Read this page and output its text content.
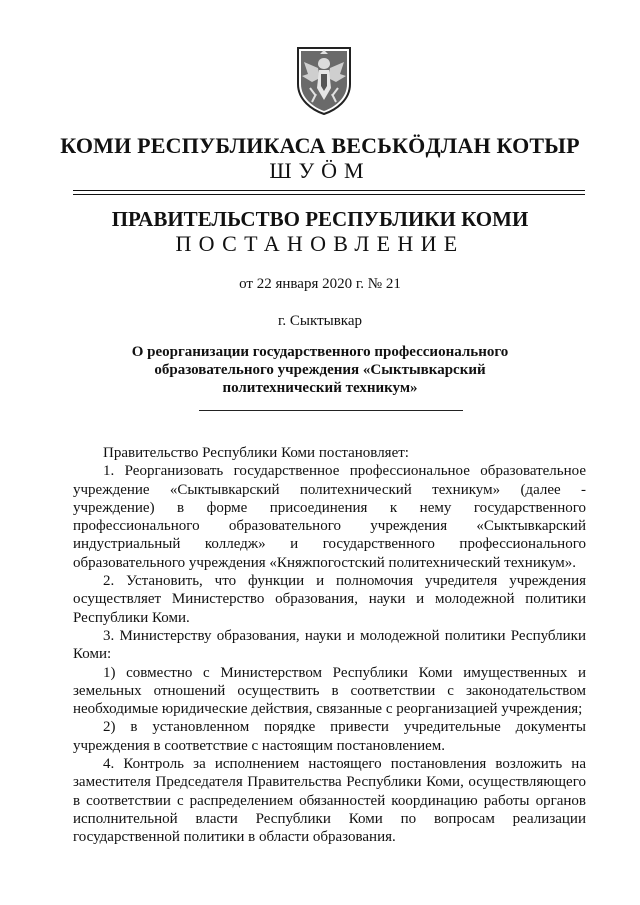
КОМИ РЕСПУБЛИКАСА ВЕСЬКӦДЛАН КОТЫР

ШУӦМ

ПРАВИТЕЛЬСТВО РЕСПУБЛИКИ КОМИ

ПОСТАНОВЛЕНИЕ

от 22 января 2020 г. № 21

г. Сыктывкар

О реорганизации государственного профессионального
образовательного учреждения «Сыктывкарский
политехнический техникум»

Правительство Республики Коми постановляет:

1. Реорганизовать государственное профессиональное образовательное учреждение «Сыктывкарский политехнический техникум» (далее - учреждение) в форме присоединения к нему государственного профессионального образовательного учреждения «Сыктывкарский индустриальный колледж» и государственного профессионального образовательного учреждения «Княжпогостский политехнический техникум».

2. Установить, что функции и полномочия учредителя учреждения осуществляет Министерство образования, науки и молодежной политики Республики Коми.

3. Министерству образования, науки и молодежной политики Республики Коми:

1) совместно с Министерством Республики Коми имущественных и земельных отношений осуществить в соответствии с законодательством необходимые юридические действия, связанные с реорганизацией учреждения;

2) в установленном порядке привести учредительные документы учреждения в соответствие с настоящим постановлением.

4. Контроль за исполнением настоящего постановления возложить на заместителя Председателя Правительства Республики Коми, осуществляющего в соответствии с распределением обязанностей координацию работы органов исполнительной власти Республики Коми по вопросам реализации государственной политики в области образования.
